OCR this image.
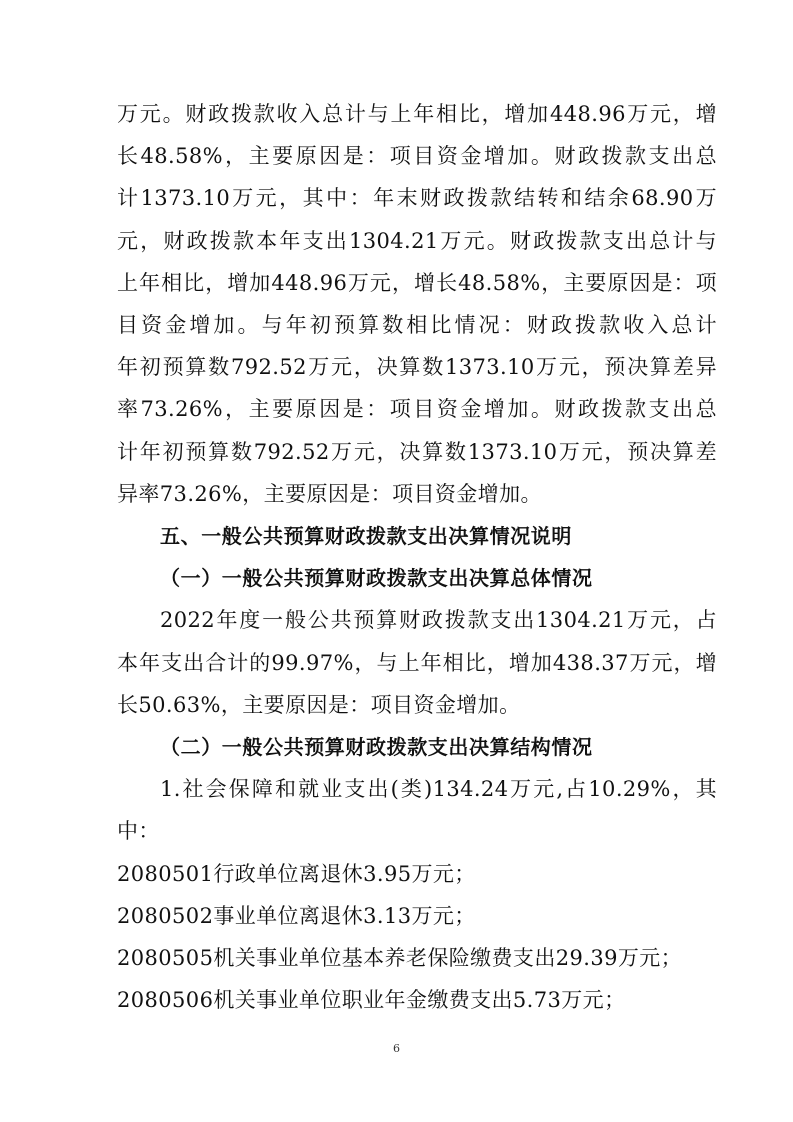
万元。财政拨款收入总计与上年相比，增加448.96万元，增
长48.58%，主要原因是：项目资金增加。财政拨款支出总
计1373.10万元，其中：年末财政拨款结转和结余68.90万
元，财政拨款本年支出1304.21万元。财政拨款支出总计与
上年相比，增加448.96万元，增长48.58%，主要原因是：项
目资金增加。与年初预算数相比情况：财政拨款收入总计
年初预算数792.52万元，决算数1373.10万元，预决算差异
率73.26%，主要原因是：项目资金增加。财政拨款支出总
计年初预算数792.52万元，决算数1373.10万元，预决算差
异率73.26%，主要原因是：项目资金增加。
五、一般公共预算财政拨款支出决算情况说明
（一）一般公共预算财政拨款支出决算总体情况
2022年度一般公共预算财政拨款支出1304.21万元，占
本年支出合计的99.97%，与上年相比，增加438.37万元，增
长50.63%，主要原因是：项目资金增加。
（二）一般公共预算财政拨款支出决算结构情况
1.社会保障和就业支出(类)134.24万元,占10.29%，其
中：
2080501行政单位离退休3.95万元；
2080502事业单位离退休3.13万元；
2080505机关事业单位基本养老保险缴费支出29.39万元；
6
2080506机关事业单位职业年金缴费支出5.73万元；
